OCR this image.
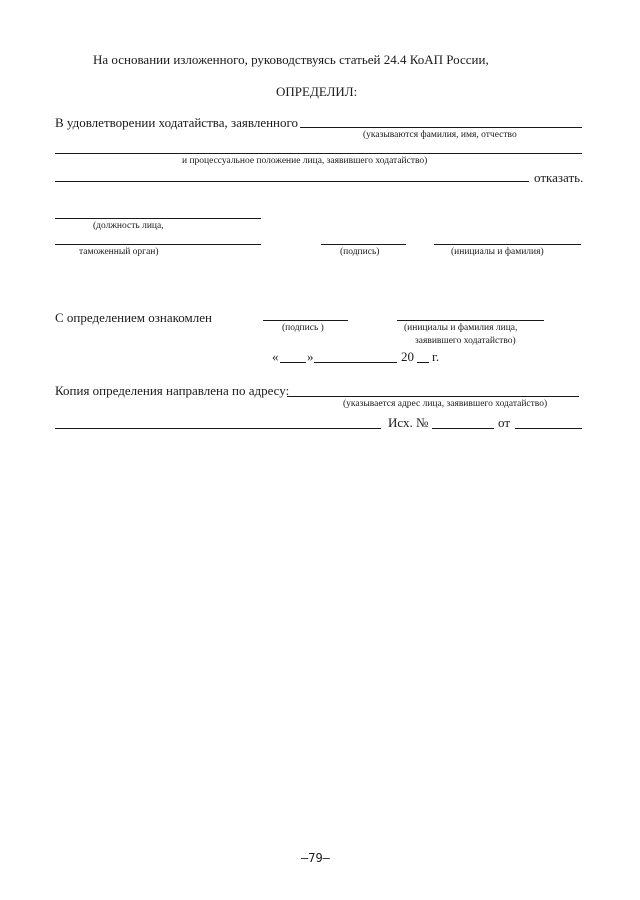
На основании изложенного, руководствуясь статьей 24.4 КоАП России,
ОПРЕДЕЛИЛ:
В удовлетворении ходатайства, заявленного
(указываются фамилия, имя, отчество
и процессуальное положение лица, заявившего ходатайство)
отказать.
(должность лица,
таможенный орган)	(подпись)	(инициалы и фамилия)
С определением ознакомлен
(подпись )	(инициалы и фамилия лица,
заявившего ходатайство)
« »	20 г.
Копия определения направлена по адресу:
(указывается адрес лица, заявившего ходатайство)
Исх. №	от
–79–
